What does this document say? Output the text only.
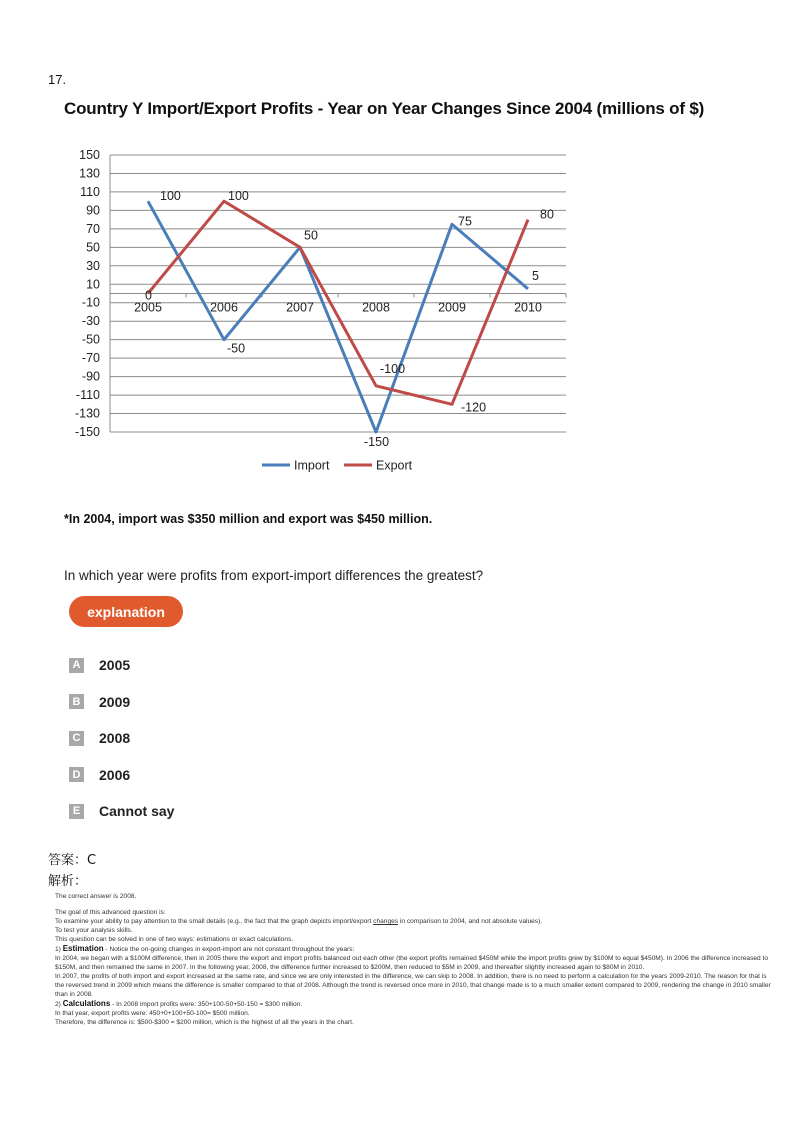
17.
Country Y Import/Export Profits - Year on Year Changes Since 2004 (millions of $)
150
130
110
90
70
50
30
10
-10
-30
-50
-70
-90
-110
-130
-150
2005	2006	2007	2008	2009	2010
100
0
100
-50
50
-150
-100
75
-120
80
5
Import	Export
*In 2004, import was $350 million and export was $450 million.
In which year were profits from export-import differences the greatest?
explanation
A 2005
B 2009
C 2008
D 2006
E Cannot say
答案：C
解析：

The correct answer is 2008.

The goal of this advanced question is:

To examine your ability to pay attention to the small details (e.g., the fact that the graph depicts import/export changes in comparison to 2004, and not absolute values).

To test your analysis skills.

This question can be solved in one of two ways: estimations or exact calculations.

1) Estimation - Notice the on-going changes in export-import are not constant throughout the years:

In 2004, we began with a $100M difference, then in 2005 there the export and import profits balanced out each other (the export profits remained $450M while the import profits grew by $100M to equal $450M). In 2006 the difference increased to $150M, and then remained the same in 2007. In the following year, 2008, the difference further increased to $200M, then reduced to $5M in 2009, and thereafter slightly increased again to $80M in 2010.

In 2007, the profits of both import and export increased at the same rate, and since we are only interested in the difference, we can skip to 2008. In addition, there is no need to perform a calculation for the years 2009-2010. The reason for that is the reversed trend in 2009 which means the difference is smaller compared to that of 2008. Although the trend is reversed once more in 2010, that change made is to a much smaller extent compared to 2009, rendering the change in 2010 smaller than in 2008.

2) Calculations - In 2008 import profits were: 350+100-50+50-150 = $300 million.

In that year, export profits were: 450+0+100+50-100= $500 million.

Therefore, the difference is: $500-$300 = $200 million, which is the highest of all the years in the chart.
